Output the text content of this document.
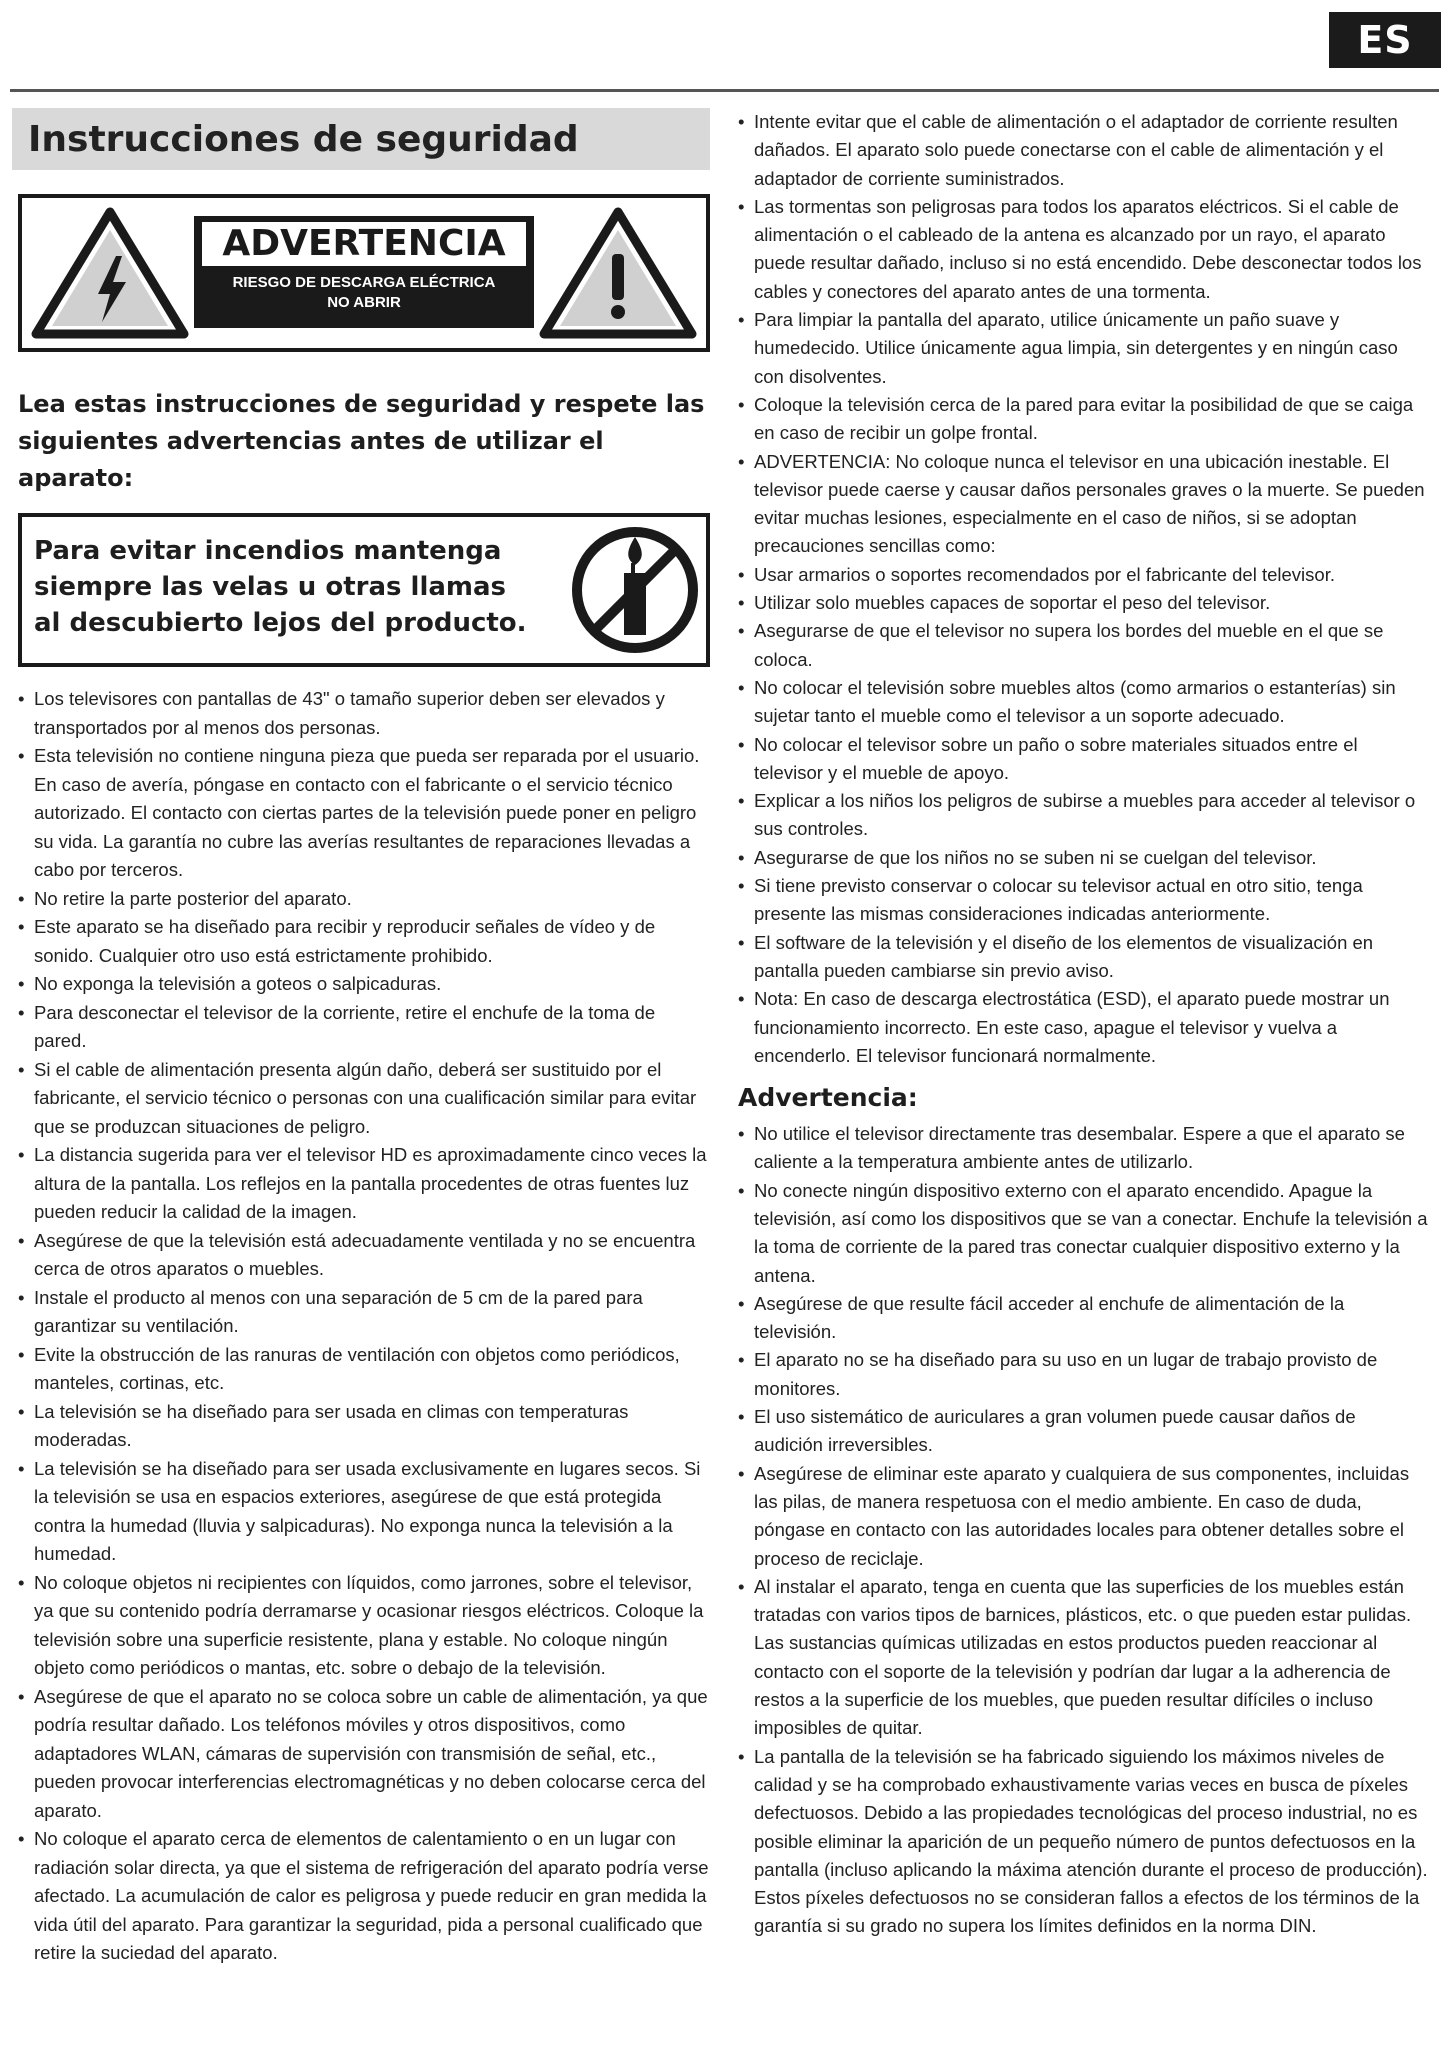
ES
Instrucciones de seguridad
ADVERTENCIA
RIESGO DE DESCARGA ELÉCTRICA
NO ABRIR
Lea estas instrucciones de seguridad y respete las siguientes advertencias antes de utilizar el aparato:
Para evitar incendios mantenga siempre las velas u otras llamas al descubierto lejos del producto.
• Los televisores con pantallas de 43" o tamaño superior deben ser elevados y transportados por al menos dos personas.
• Esta televisión no contiene ninguna pieza que pueda ser reparada por el usuario. En caso de avería, póngase en contacto con el fabricante o el servicio técnico autorizado. El contacto con ciertas partes de la televisión puede poner en peligro su vida. La garantía no cubre las averías resultantes de reparaciones llevadas a cabo por terceros.
• No retire la parte posterior del aparato.
• Este aparato se ha diseñado para recibir y reproducir señales de vídeo y de sonido. Cualquier otro uso está estrictamente prohibido.
• No exponga la televisión a goteos o salpicaduras.
• Para desconectar el televisor de la corriente, retire el enchufe de la toma de pared.
• Si el cable de alimentación presenta algún daño, deberá ser sustituido por el fabricante, el servicio técnico o personas con una cualificación similar para evitar que se produzcan situaciones de peligro.
• La distancia sugerida para ver el televisor HD es aproximadamente cinco veces la altura de la pantalla. Los reflejos en la pantalla procedentes de otras fuentes luz pueden reducir la calidad de la imagen.
• Asegúrese de que la televisión está adecuadamente ventilada y no se encuentra cerca de otros aparatos o muebles.
• Instale el producto al menos con una separación de 5 cm de la pared para garantizar su ventilación.
• Evite la obstrucción de las ranuras de ventilación con objetos como periódicos, manteles, cortinas, etc.
• La televisión se ha diseñado para ser usada en climas con temperaturas moderadas.
• La televisión se ha diseñado para ser usada exclusivamente en lugares secos. Si la televisión se usa en espacios exteriores, asegúrese de que está protegida contra la humedad (lluvia y salpicaduras). No exponga nunca la televisión a la humedad.
• No coloque objetos ni recipientes con líquidos, como jarrones, sobre el televisor, ya que su contenido podría derramarse y ocasionar riesgos eléctricos. Coloque la televisión sobre una superficie resistente, plana y estable. No coloque ningún objeto como periódicos o mantas, etc. sobre o debajo de la televisión.
• Asegúrese de que el aparato no se coloca sobre un cable de alimentación, ya que podría resultar dañado. Los teléfonos móviles y otros dispositivos, como adaptadores WLAN, cámaras de supervisión con transmisión de señal, etc., pueden provocar interferencias electromagnéticas y no deben colocarse cerca del aparato.
• No coloque el aparato cerca de elementos de calentamiento o en un lugar con radiación solar directa, ya que el sistema de refrigeración del aparato podría verse afectado. La acumulación de calor es peligrosa y puede reducir en gran medida la vida útil del aparato. Para garantizar la seguridad, pida a personal cualificado que retire la suciedad del aparato.
• Intente evitar que el cable de alimentación o el adaptador de corriente resulten dañados. El aparato solo puede conectarse con el cable de alimentación y el adaptador de corriente suministrados.
• Las tormentas son peligrosas para todos los aparatos eléctricos. Si el cable de alimentación o el cableado de la antena es alcanzado por un rayo, el aparato puede resultar dañado, incluso si no está encendido. Debe desconectar todos los cables y conectores del aparato antes de una tormenta.
• Para limpiar la pantalla del aparato, utilice únicamente un paño suave y humedecido. Utilice únicamente agua limpia, sin detergentes y en ningún caso con disolventes.
• Coloque la televisión cerca de la pared para evitar la posibilidad de que se caiga en caso de recibir un golpe frontal.
• ADVERTENCIA: No coloque nunca el televisor en una ubicación inestable. El televisor puede caerse y causar daños personales graves o la muerte. Se pueden evitar muchas lesiones, especialmente en el caso de niños, si se adoptan precauciones sencillas como:
• Usar armarios o soportes recomendados por el fabricante del televisor.
• Utilizar solo muebles capaces de soportar el peso del televisor.
• Asegurarse de que el televisor no supera los bordes del mueble en el que se coloca.
• No colocar el televisión sobre muebles altos (como armarios o estanterías) sin sujetar tanto el mueble como el televisor a un soporte adecuado.
• No colocar el televisor sobre un paño o sobre materiales situados entre el televisor y el mueble de apoyo.
• Explicar a los niños los peligros de subirse a muebles para acceder al televisor o sus controles.
• Asegurarse de que los niños no se suben ni se cuelgan del televisor.
• Si tiene previsto conservar o colocar su televisor actual en otro sitio, tenga presente las mismas consideraciones indicadas anteriormente.
• El software de la televisión y el diseño de los elementos de visualización en pantalla pueden cambiarse sin previo aviso.
• Nota: En caso de descarga electrostática (ESD), el aparato puede mostrar un funcionamiento incorrecto. En este caso, apague el televisor y vuelva a encenderlo. El televisor funcionará normalmente.
Advertencia:
• No utilice el televisor directamente tras desembalar. Espere a que el aparato se caliente a la temperatura ambiente antes de utilizarlo.
• No conecte ningún dispositivo externo con el aparato encendido. Apague la televisión, así como los dispositivos que se van a conectar. Enchufe la televisión a la toma de corriente de la pared tras conectar cualquier dispositivo externo y la antena.
• Asegúrese de que resulte fácil acceder al enchufe de alimentación de la televisión.
• El aparato no se ha diseñado para su uso en un lugar de trabajo provisto de monitores.
• El uso sistemático de auriculares a gran volumen puede causar daños de audición irreversibles.
• Asegúrese de eliminar este aparato y cualquiera de sus componentes, incluidas las pilas, de manera respetuosa con el medio ambiente. En caso de duda, póngase en contacto con las autoridades locales para obtener detalles sobre el proceso de reciclaje.
• Al instalar el aparato, tenga en cuenta que las superficies de los muebles están tratadas con varios tipos de barnices, plásticos, etc. o que pueden estar pulidas. Las sustancias químicas utilizadas en estos productos pueden reaccionar al contacto con el soporte de la televisión y podrían dar lugar a la adherencia de restos a la superficie de los muebles, que pueden resultar difíciles o incluso imposibles de quitar.
• La pantalla de la televisión se ha fabricado siguiendo los máximos niveles de calidad y se ha comprobado exhaustivamente varias veces en busca de píxeles defectuosos. Debido a las propiedades tecnológicas del proceso industrial, no es posible eliminar la aparición de un pequeño número de puntos defectuosos en la pantalla (incluso aplicando la máxima atención durante el proceso de producción). Estos píxeles defectuosos no se consideran fallos a efectos de los términos de la garantía si su grado no supera los límites definidos en la norma DIN.
